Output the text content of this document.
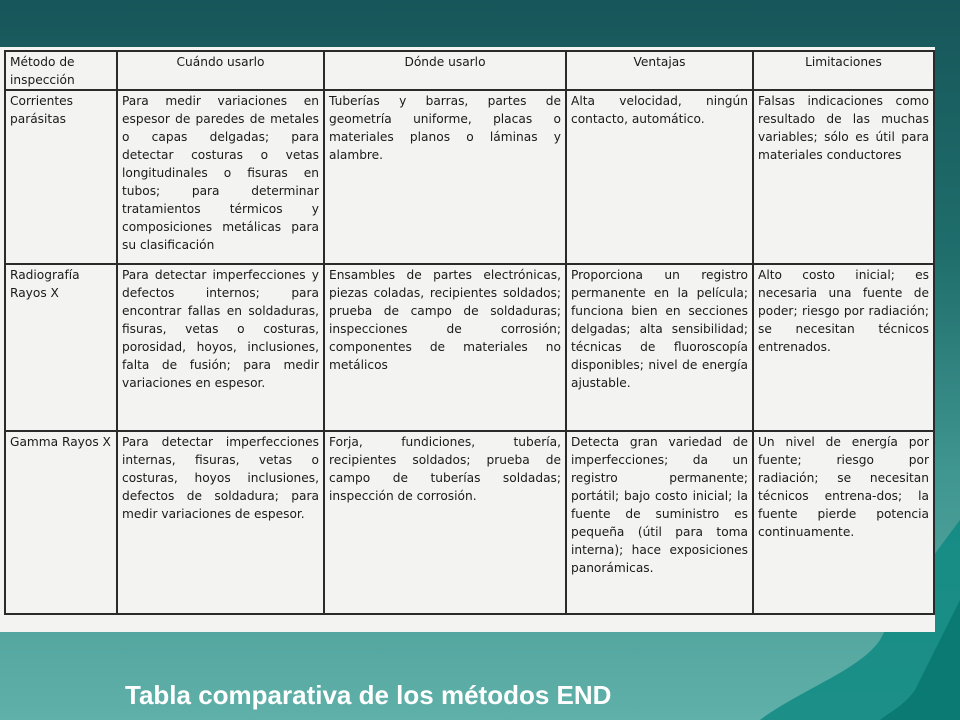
Método de inspección	Cuándo usarlo	Dónde usarlo	Ventajas	Limitaciones
Corrientes parásitas	Para medir variaciones en espesor de paredes de metales o capas delgadas; para detectar costuras o vetas longitudinales o fisuras en tubos; para determinar tratamientos térmicos y composiciones metálicas para su clasificación	Tuberías y barras, partes de geometría uniforme, placas o materiales planos o láminas y alambre.	Alta velocidad, ningún contacto, automático.	Falsas indicaciones como resultado de las muchas variables; sólo es útil para materiales conductores
Radiografía Rayos X	Para detectar imperfecciones y defectos internos; para encontrar fallas en soldaduras, fisuras, vetas o costuras, porosidad, hoyos, inclusiones, falta de fusión; para medir variaciones en espesor.	Ensambles de partes electrónicas, piezas coladas, recipientes soldados; prueba de campo de soldaduras; inspecciones de corrosión; componentes de materiales no metálicos	Proporciona un registro permanente en la película; funciona bien en secciones delgadas; alta sensibilidad; técnicas de fluoroscopía disponibles; nivel de energía ajustable.	Alto costo inicial; es necesaria una fuente de poder; riesgo por radiación; se necesitan técnicos entrenados.
Gamma Rayos X	Para detectar imperfecciones internas, fisuras, vetas o costuras, hoyos inclusiones, defectos de soldadura; para medir variaciones de espesor.	Forja, fundiciones, tubería, recipientes soldados; prueba de campo de tuberías soldadas; inspección de corrosión.	Detecta gran variedad de imperfecciones; da un registro permanente; portátil; bajo costo inicial; la fuente de suministro es pequeña (útil para toma interna); hace exposiciones panorámicas.	Un nivel de energía por fuente; riesgo por radiación; se necesitan técnicos entrena-dos; la fuente pierde potencia continuamente.
Tabla comparativa de los métodos END
